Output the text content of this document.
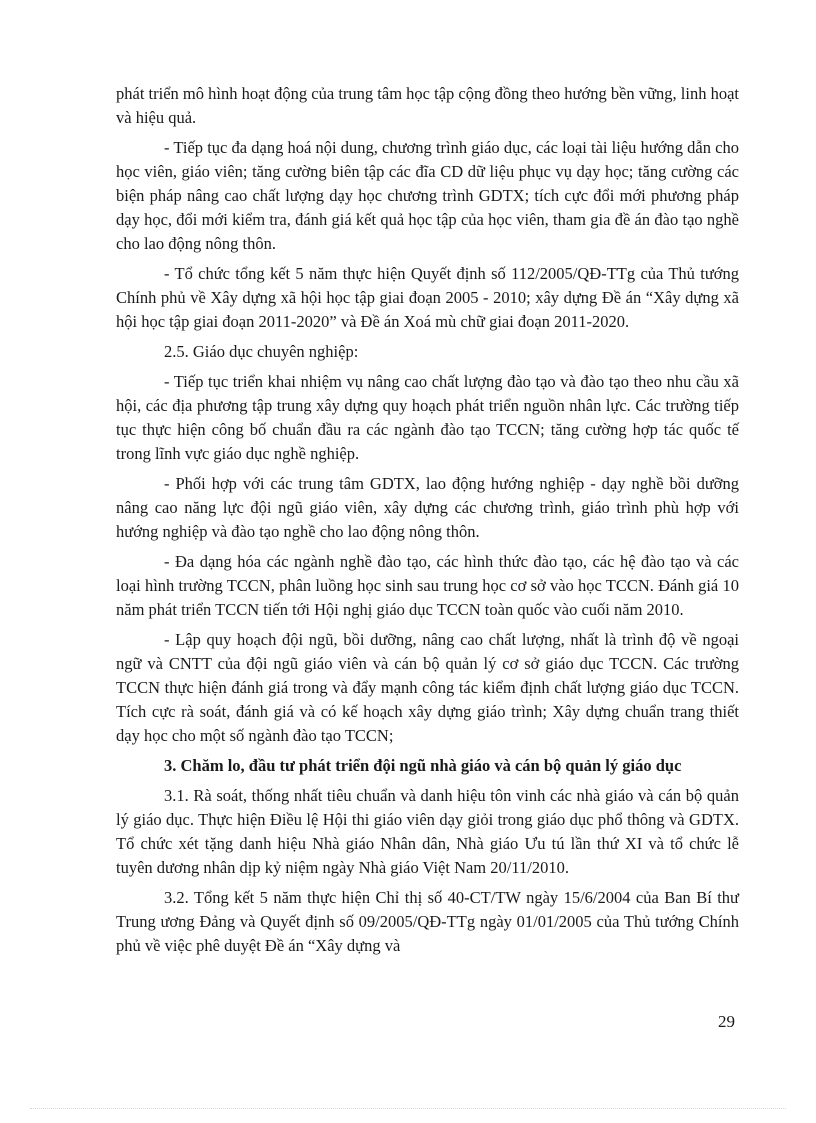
phát triển mô hình hoạt động của trung tâm học tập cộng đồng theo hướng bền vững, linh hoạt và hiệu quả.

- Tiếp tục đa dạng hoá nội dung, chương trình giáo dục, các loại tài liệu hướng dẫn cho học viên, giáo viên; tăng cường biên tập các đĩa CD dữ liệu phục vụ dạy học; tăng cường các biện pháp nâng cao chất lượng dạy học chương trình GDTX; tích cực đổi mới phương pháp dạy học, đổi mới kiểm tra, đánh giá kết quả học tập của học viên, tham gia đề án đào tạo nghề cho lao động nông thôn.

- Tổ chức tổng kết 5 năm thực hiện Quyết định số 112/2005/QĐ-TTg của Thủ tướng Chính phủ về Xây dựng xã hội học tập giai đoạn 2005 - 2010; xây dựng Đề án “Xây dựng xã hội học tập giai đoạn 2011-2020” và Đề án Xoá mù chữ giai đoạn 2011-2020.

2.5. Giáo dục chuyên nghiệp:

- Tiếp tục triển khai nhiệm vụ nâng cao chất lượng đào tạo và đào tạo theo nhu cầu xã hội, các địa phương tập trung xây dựng quy hoạch phát triển nguồn nhân lực. Các trường tiếp tục thực hiện công bố chuẩn đầu ra các ngành đào tạo TCCN; tăng cường hợp tác quốc tế trong lĩnh vực giáo dục nghề nghiệp.

- Phối hợp với các trung tâm GDTX, lao động hướng nghiệp - dạy nghề bồi dưỡng nâng cao năng lực đội ngũ giáo viên, xây dựng các chương trình, giáo trình phù hợp với hướng nghiệp và đào tạo nghề cho lao động nông thôn.

- Đa dạng hóa các ngành nghề đào tạo, các hình thức đào tạo, các hệ đào tạo và các loại hình trường TCCN, phân luồng học sinh sau trung học cơ sở vào học TCCN. Đánh giá 10 năm phát triển TCCN tiến tới Hội nghị giáo dục TCCN toàn quốc vào cuối năm 2010.

- Lập quy hoạch đội ngũ, bồi dưỡng, nâng cao chất lượng, nhất là trình độ về ngoại ngữ và CNTT của đội ngũ giáo viên và cán bộ quản lý cơ sở giáo dục TCCN. Các trường TCCN thực hiện đánh giá trong và đẩy mạnh công tác kiểm định chất lượng giáo dục TCCN. Tích cực rà soát, đánh giá và có kế hoạch xây dựng giáo trình; Xây dựng chuẩn trang thiết dạy học cho một số ngành đào tạo TCCN;

3. Chăm lo, đầu tư phát triển đội ngũ nhà giáo và cán bộ quản lý giáo dục

3.1. Rà soát, thống nhất tiêu chuẩn và danh hiệu tôn vinh các nhà giáo và cán bộ quản lý giáo dục. Thực hiện Điều lệ Hội thi giáo viên dạy giỏi trong giáo dục phổ thông và GDTX. Tổ chức xét tặng danh hiệu Nhà giáo Nhân dân, Nhà giáo Ưu tú lần thứ XI và tổ chức lễ tuyên dương nhân dịp kỷ niệm ngày Nhà giáo Việt Nam 20/11/2010.

3.2. Tổng kết 5 năm thực hiện Chỉ thị số 40-CT/TW ngày 15/6/2004 của Ban Bí thư Trung ương Đảng và Quyết định số 09/2005/QĐ-TTg ngày 01/01/2005 của Thủ tướng Chính phủ về việc phê duyệt Đề án “Xây dựng và

29
